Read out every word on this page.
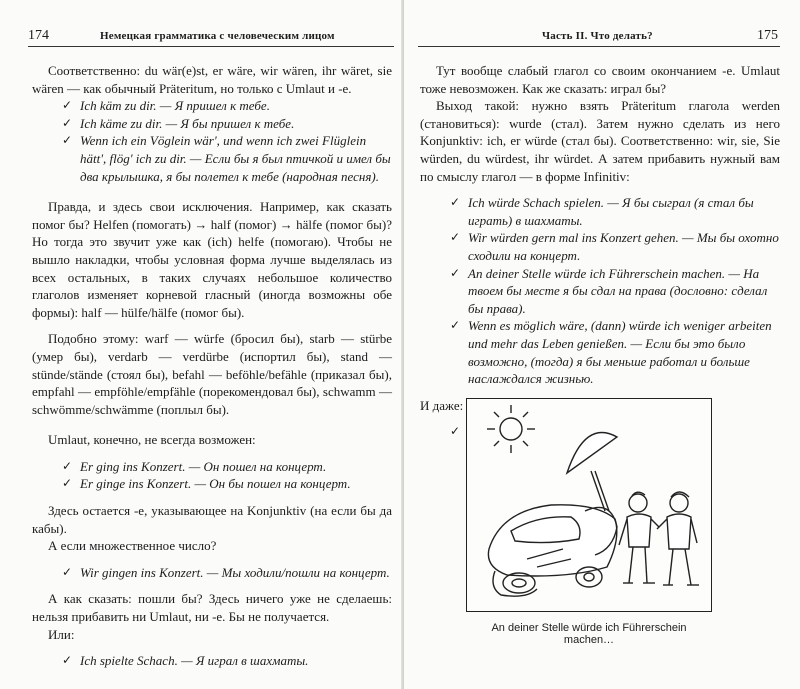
174	Немецкая грамматика с человеческим лицом

Соответственно: du wär(e)st, er wäre, wir wären, ihr wäret, sie wären — как обычный Präteritum, но только с Umlaut и -e.

✓ Ich käm zu dir. — Я пришел к тебе.
✓ Ich käme zu dir. — Я бы пришел к тебе.
✓ Wenn ich ein Vöglein wär', und wenn ich zwei Flüglein hätt', flög' ich zu dir. — Если бы я был птичкой и имел бы два крылышка, я бы полетел к тебе (народная песня).

Правда, и здесь свои исключения. Например, как сказать помог бы? Helfen (помогать) → half (помог) → hälfe (помог бы)? Но тогда это звучит уже как (ich) helfe (помогаю). Чтобы не вышло накладки, чтобы условная форма лучше выделялась из всех остальных, в таких случаях небольшое количество глаголов изменяет корневой гласный (иногда возможны обе формы): half — hülfe/hälfe (помог бы).

Подобно этому: warf — würfe (бросил бы), starb — stürbe (умер бы), verdarb — verdürbe (испортил бы), stand — stünde/stände (стоял бы), befahl — beföhle/befähle (приказал бы), empfahl — empföhle/empfähle (порекомендовал бы), schwamm — schwömme/schwämme (поплыл бы).

Umlaut, конечно, не всегда возможен:

✓ Er ging ins Konzert. — Он пошел на концерт.
✓ Er ginge ins Konzert. — Он бы пошел на концерт.

Здесь остается -e, указывающее на Konjunktiv (на если бы да кабы).

А если множественное число?

✓ Wir gingen ins Konzert. — Мы ходили/пошли на концерт.

А как сказать: пошли бы? Здесь ничего уже не сделаешь: нельзя прибавить ни Umlaut, ни -e. Бы не получается.

Или:

✓ Ich spielte Schach. — Я играл в шахматы.
Часть II. Что делать?	175

Тут вообще слабый глагол со своим окончанием -e. Umlaut тоже невозможен. Как же сказать: играл бы?

Выход такой: нужно взять Präteritum глагола werden (становиться): wurde (стал). Затем нужно сделать из него Konjunktiv: ich, er würde (стал бы). Соответственно: wir, sie, Sie würden, du würdest, ihr würdet. А затем прибавить нужный вам по смыслу глагол — в форме Infinitiv:

✓ Ich würde Schach spielen. — Я бы сыграл (я стал бы играть) в шахматы.
✓ Wir würden gern mal ins Konzert gehen. — Мы бы охотно сходили на концерт.
✓ An deiner Stelle würde ich Führerschein machen. — На твоем бы месте я бы сдал на права (дословно: сделал бы права).
✓ Wenn es möglich wäre, (dann) würde ich weniger arbeiten und mehr das Leben genießen. — Если бы это было возможно, (тогда) я бы меньше работал и больше наслаждался жизнью.

И даже:

✓
An deiner Stelle würde ich Führerschein machen…
